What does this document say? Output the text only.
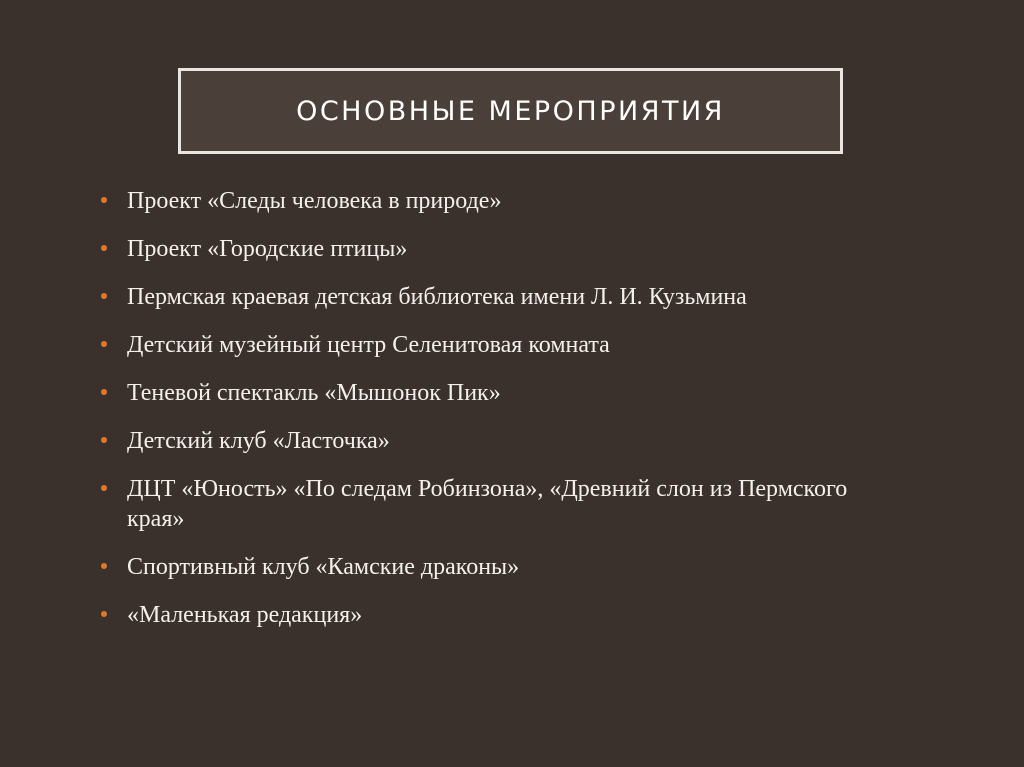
ОСНОВНЫЕ МЕРОПРИЯТИЯ
Проект «Следы человека в природе»
Проект «Городские птицы»
Пермская краевая детская библиотека имени Л. И. Кузьмина
Детский музейный центр Селенитовая комната
Теневой спектакль «Мышонок Пик»
Детский клуб «Ласточка»
ДЦТ «Юность» «По следам Робинзона», «Древний слон из Пермского края»
Спортивный клуб «Камские драконы»
«Маленькая редакция»
